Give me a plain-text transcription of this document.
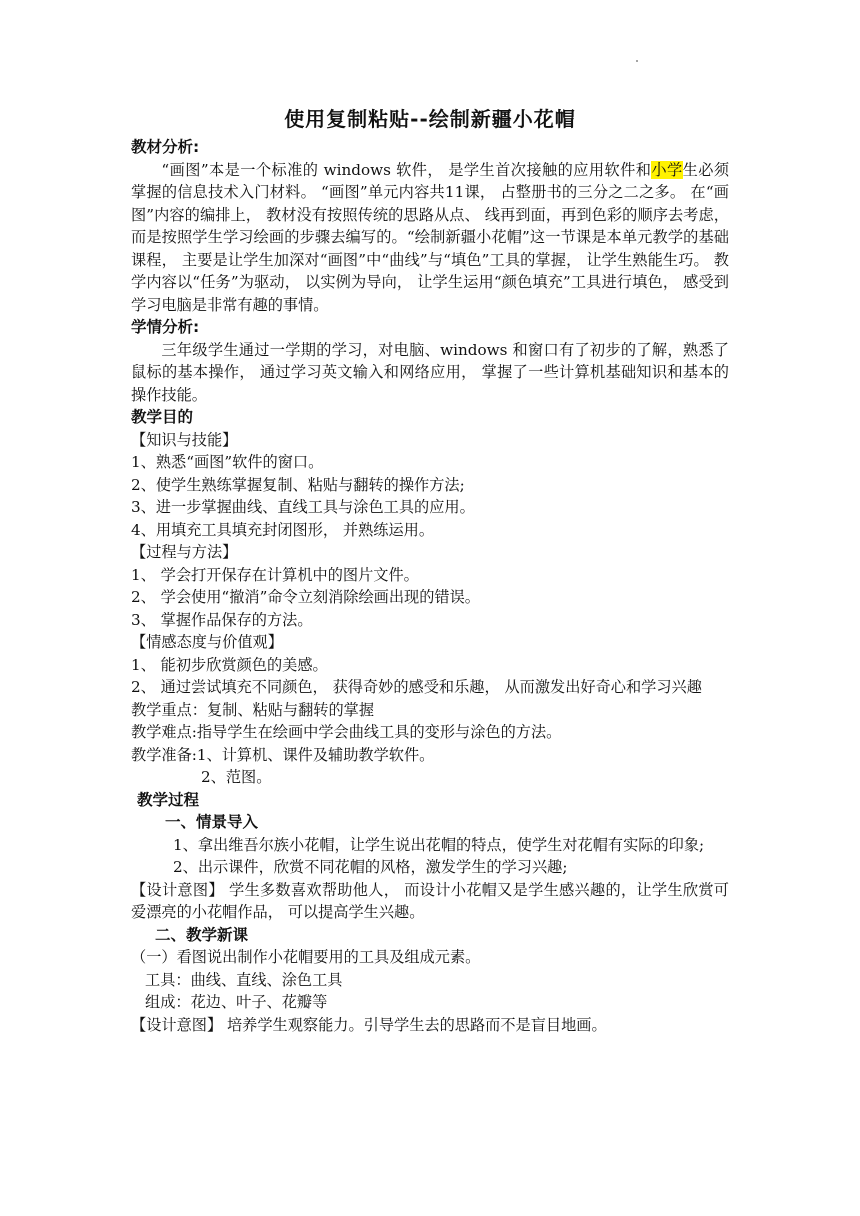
使用复制粘贴--绘制新疆小花帽
教材分析:

“画图”本是一个标准的 windows 软件， 是学生首次接触的应用软件和小学生必须掌握的信息技术入门材料。 “画图”单元内容共11课， 占整册书的三分之二之多。 在“画图”内容的编排上， 教材没有按照传统的思路从点、 线再到面，再到色彩的顺序去考虑，而是按照学生学习绘画的步骤去编写的。“绘制新疆小花帽”这一节课是本单元教学的基础课程， 主要是让学生加深对“画图”中“曲线”与“填色”工具的掌握， 让学生熟能生巧。 教学内容以“任务”为驱动， 以实例为导向， 让学生运用“颜色填充”工具进行填色， 感受到学习电脑是非常有趣的事情。

学情分析:

三年级学生通过一学期的学习，对电脑、windows 和窗口有了初步的了解，熟悉了鼠标的基本操作， 通过学习英文输入和网络应用， 掌握了一些计算机基础知识和基本的操作技能。

教学目的

【知识与技能】

1、熟悉“画图”软件的窗口。

2、使学生熟练掌握复制、粘贴与翻转的操作方法;

3、进一步掌握曲线、直线工具与涂色工具的应用。

4、用填充工具填充封闭图形， 并熟练运用。

【过程与方法】

1、 学会打开保存在计算机中的图片文件。

2、 学会使用“撤消”命令立刻消除绘画出现的错误。

3、 掌握作品保存的方法。

【情感态度与价值观】

1、 能初步欣赏颜色的美感。

2、 通过尝试填充不同颜色， 获得奇妙的感受和乐趣， 从而激发出好奇心和学习兴趣

教学重点：复制、粘贴与翻转的掌握

教学难点:指导学生在绘画中学会曲线工具的变形与涂色的方法。

教学准备:1、计算机、课件及辅助教学软件。

2、范图。

教学过程
一、情景导入

1、拿出维吾尔族小花帽，让学生说出花帽的特点，使学生对花帽有实际的印象;

2、出示课件，欣赏不同花帽的风格，激发学生的学习兴趣;

【设计意图】 学生多数喜欢帮助他人， 而设计小花帽又是学生感兴趣的，让学生欣赏可爱漂亮的小花帽作品， 可以提高学生兴趣。

二、教学新课

（一）看图说出制作小花帽要用的工具及组成元素。

工具：曲线、直线、涂色工具

组成：花边、叶子、花瓣等

【设计意图】 培养学生观察能力。引导学生去的思路而不是盲目地画。
